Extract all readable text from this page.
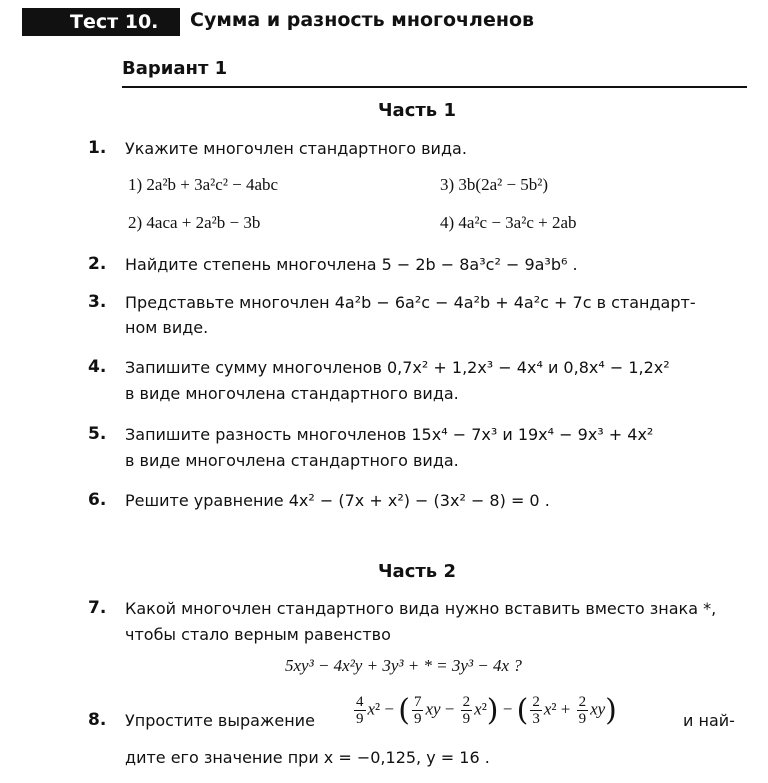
Тест 10.	Сумма и разность многочленов
Вариант 1
Часть 1
1. Укажите многочлен стандартного вида.
1) 2a²b + 3a²c² − 4abc	3) 3b(2a² − 5b²)
2) 4aca + 2a²b − 3b	4) 4a²c − 3a²c + 2ab
2. Найдите степень многочлена 5 − 2b − 8a³c² − 9a³b⁶ .
3. Представьте многочлен 4a²b − 6a²c − 4a²b + 4a²c + 7c в стандарт-
ном виде.
4. Запишите сумму многочленов 0,7x² + 1,2x³ − 4x⁴ и 0,8x⁴ − 1,2x²
в виде многочлена стандартного вида.
5. Запишите разность многочленов 15x⁴ − 7x³ и 19x⁴ − 9x³ + 4x²
в виде многочлена стандартного вида.
6. Решите уравнение 4x² − (7x + x²) − (3x² − 8) = 0 .
Часть 2
7. Какой многочлен стандартного вида нужно вставить вместо знака *,
чтобы стало верным равенство
5xy³ − 4x²y + 3y³ + * = 3y³ − 4x ?
8. Упростите выражение	$\frac{4}{9} x^2$ − ( $\frac{7}{9}$ xy − $\frac{2}{9} x^2$) − ( $\frac{2}{3} x^2 + \frac{2}{9} xy$)	и най-
дите его значение при x = −0,125, y = 16 .
